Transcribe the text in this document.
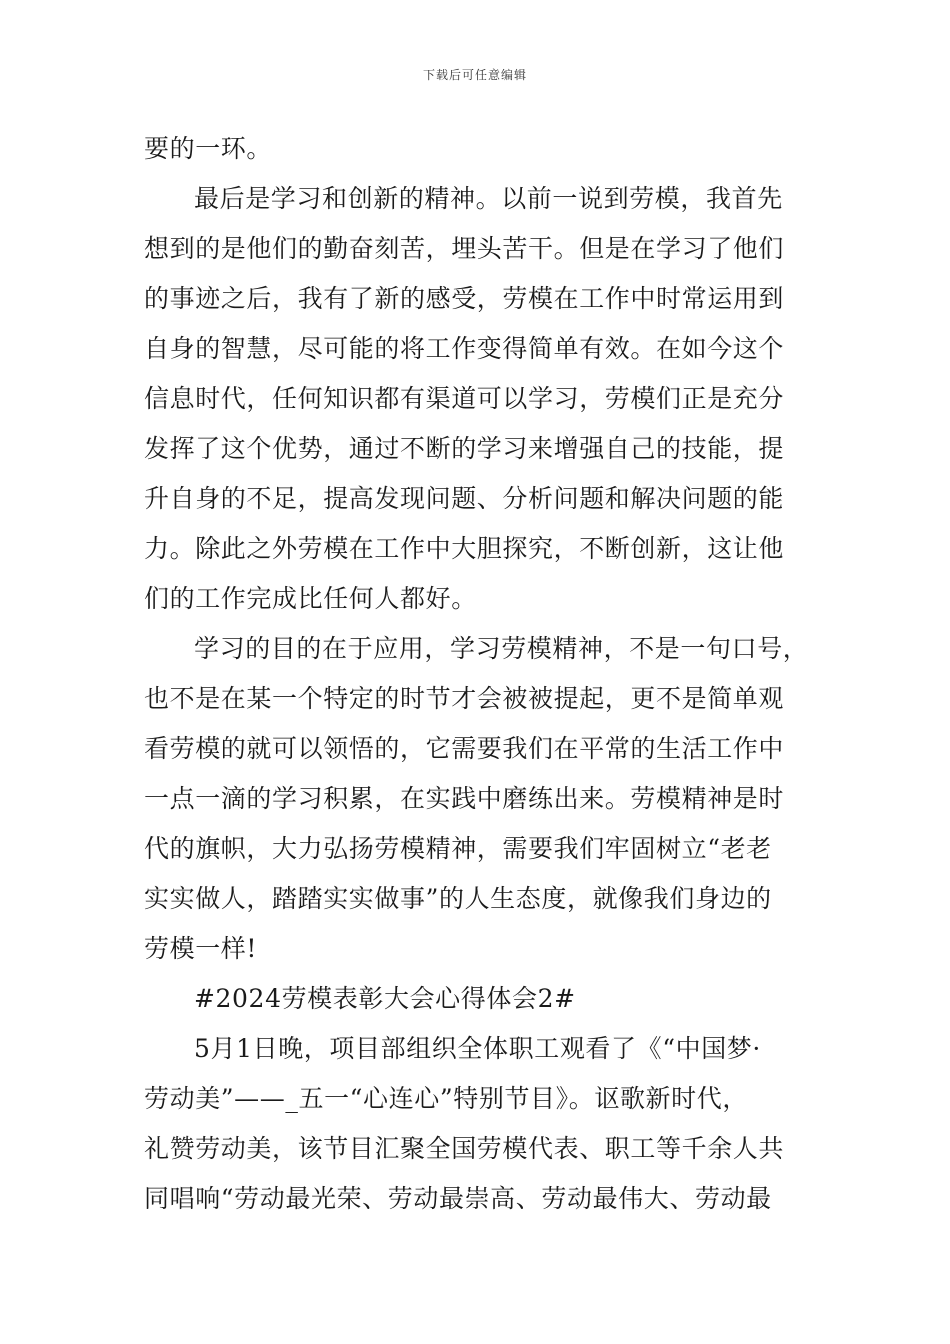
下载后可任意编辑
要的一环。
最后是学习和创新的精神。以前一说到劳模，我首先
想到的是他们的勤奋刻苦，埋头苦干。但是在学习了他们
的事迹之后，我有了新的感受，劳模在工作中时常运用到
自身的智慧，尽可能的将工作变得简单有效。在如今这个
信息时代，任何知识都有渠道可以学习，劳模们正是充分
发挥了这个优势，通过不断的学习来增强自己的技能，提
升自身的不足，提高发现问题、分析问题和解决问题的能
力。除此之外劳模在工作中大胆探究，不断创新，这让他
们的工作完成比任何人都好。
学习的目的在于应用，学习劳模精神，不是一句口号，
也不是在某一个特定的时节才会被被提起，更不是简单观
看劳模的就可以领悟的，它需要我们在平常的生活工作中
一点一滴的学习积累，在实践中磨练出来。劳模精神是时
代的旗帜，大力弘扬劳模精神，需要我们牢固树立“老老
实实做人，踏踏实实做事”的人生态度，就像我们身边的
劳模一样!
#2024劳模表彰大会心得体会2#
5月1日晚，项目部组织全体职工观看了《“中国梦·
劳动美”——_五一“心连心”特别节目》。讴歌新时代，
礼赞劳动美，该节目汇聚全国劳模代表、职工等千余人共
同唱响“劳动最光荣、劳动最崇高、劳动最伟大、劳动最
